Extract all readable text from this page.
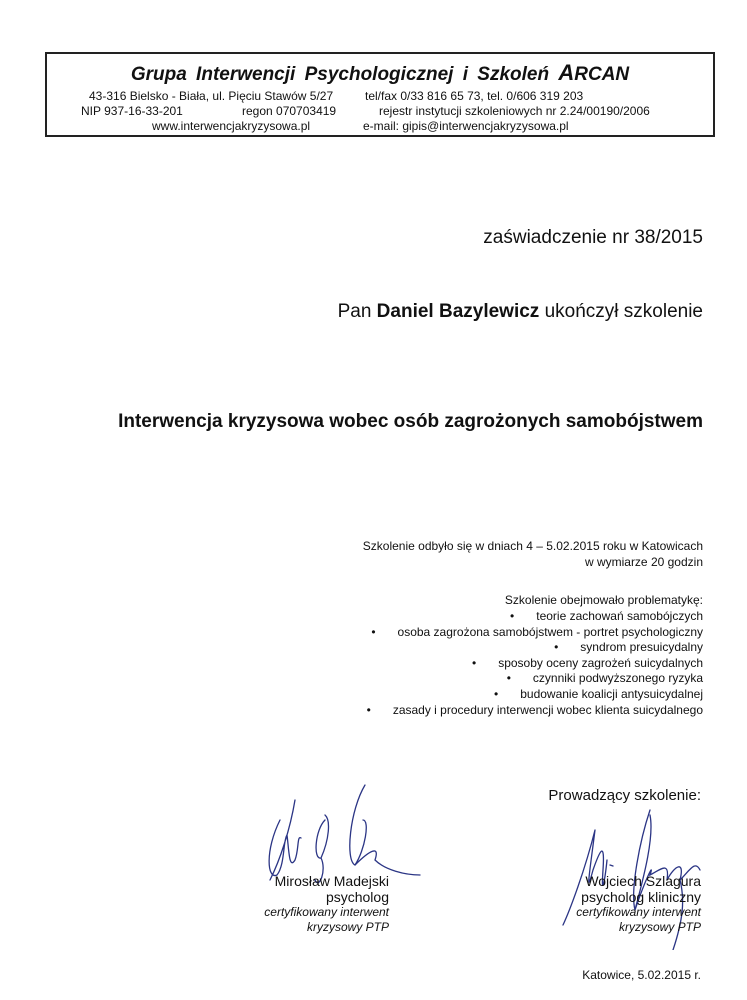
Grupa Interwencji Psychologicznej i Szkoleń ARCAN
43-316 Bielsko - Biała, ul. Pięciu Stawów 5/27	tel/fax 0/33 816 65 73, tel. 0/606 319 203
NIP 937-16-33-201	regon 070703419	rejestr instytucji szkoleniowych nr 2.24/00190/2006
www.interwencjakryzysowa.pl	e-mail: gipis@interwencjakryzysowa.pl
zaświadczenie nr 38/2015
Pan Daniel Bazylewicz ukończył szkolenie
Interwencja kryzysowa wobec osób zagrożonych samobójstwem
Szkolenie odbyło się w dniach 4 – 5.02.2015 roku w Katowicach
w wymiarze 20 godzin
Szkolenie obejmowało problematykę:
• teorie zachowań samobójczych
• osoba zagrożona samobójstwem - portret psychologiczny
• syndrom presuicydalny
• sposoby oceny zagrożeń suicydalnych
• czynniki podwyższonego ryzyka
• budowanie koalicji antysuicydalnej
• zasady i procedury interwencji wobec klienta suicydalnego
Prowadzący szkolenie:
Mirosław Madejski
psycholog
certyfikowany interwent
kryzysowy PTP
Wojciech Szlagura
psycholog kliniczny
certyfikowany interwent
kryzysowy PTP
Katowice, 5.02.2015 r.
